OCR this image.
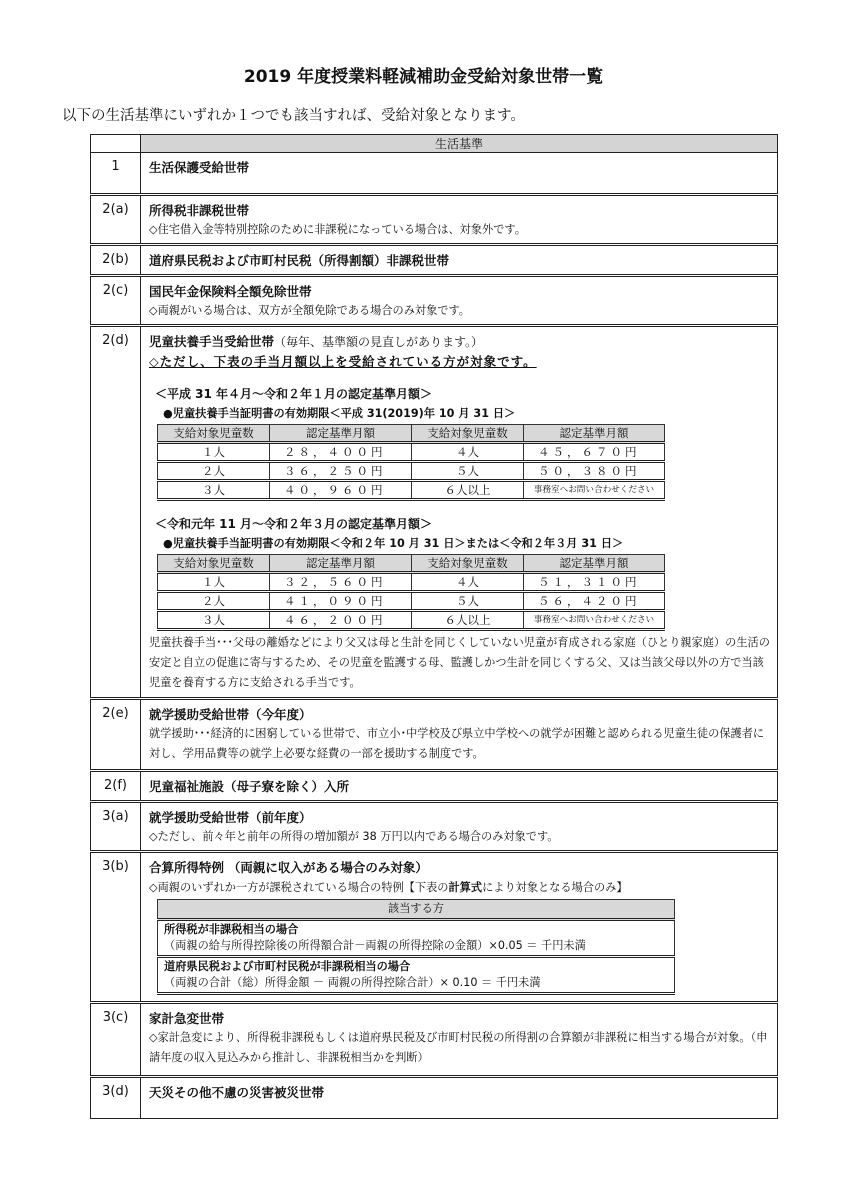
2019 年度授業料軽減補助金受給対象世帯一覧
以下の生活基準にいずれか１つでも該当すれば、受給対象となります。
	生活基準
1	生活保護受給世帯

2(a)	所得税非課税世帯
◇住宅借入金等特別控除のために非課税になっている場合は、対象外です。

2(b)	道府県民税および市町村民税（所得割額）非課税世帯

2(c)	国民年金保険料全額免除世帯
◇両親がいる場合は、双方が全額免除である場合のみ対象です。

2(d)	児童扶養手当受給世帯（毎年、基準額の見直しがあります。）
◇ただし、下表の手当月額以上を受給されている方が対象です。
＜平成 31 年４月～令和２年１月の認定基準月額＞
●児童扶養手当証明書の有効期限＜平成 31(2019)年 10 月 31 日＞
支給対象児童数	認定基準月額	支給対象児童数	認定基準月額
１人	２８，４００円	４人	４５，６７０円
２人	３６，２５０円	５人	５０，３８０円
３人	４０，９６０円	６人以上	事務室へお問い合わせください
＜令和元年 11 月～令和２年３月の認定基準月額＞
●児童扶養手当証明書の有効期限＜令和２年 10 月 31 日＞または＜令和２年３月 31 日＞
支給対象児童数	認定基準月額	支給対象児童数	認定基準月額
１人	３２，５６０円	４人	５１，３１０円
２人	４１，０９０円	５人	５６，４２０円
３人	４６，２００円	６人以上	事務室へお問い合わせください
児童扶養手当･･･父母の離婚などにより父又は母と生計を同じくしていない児童が育成される家庭（ひとり親家庭）の生活の安定と自立の促進に寄与するため、その児童を監護する母、監護しかつ生計を同じくする父、又は当該父母以外の方で当該児童を養育する方に支給される手当です。

2(e)	就学援助受給世帯（今年度）
就学援助･･･経済的に困窮している世帯で、市立小･中学校及び県立中学校への就学が困難と認められる児童生徒の保護者に対し、学用品費等の就学上必要な経費の一部を援助する制度です。

2(f)	児童福祉施設（母子寮を除く）入所

3(a)	就学援助受給世帯（前年度）
◇ただし、前々年と前年の所得の増加額が 38 万円以内である場合のみ対象です。

3(b)	合算所得特例 （両親に収入がある場合のみ対象）
◇両親のいずれか一方が課税されている場合の特例【下表の計算式により対象となる場合のみ】
該当する方

所得税が非課税相当の場合
（両親の給与所得控除後の所得額合計－両親の所得控除の金額）×0.05 ＝ 千円未満

道府県民税および市町村民税が非課税相当の場合
（両親の合計（総）所得金額 － 両親の所得控除合計）× 0.10 ＝ 千円未満

3(c)	家計急変世帯
◇家計急変により、所得税非課税もしくは道府県民税及び市町村民税の所得割の合算額が非課税に相当する場合が対象。（申請年度の収入見込みから推計し、非課税相当かを判断）

3(d)	天災その他不慮の災害被災世帯
